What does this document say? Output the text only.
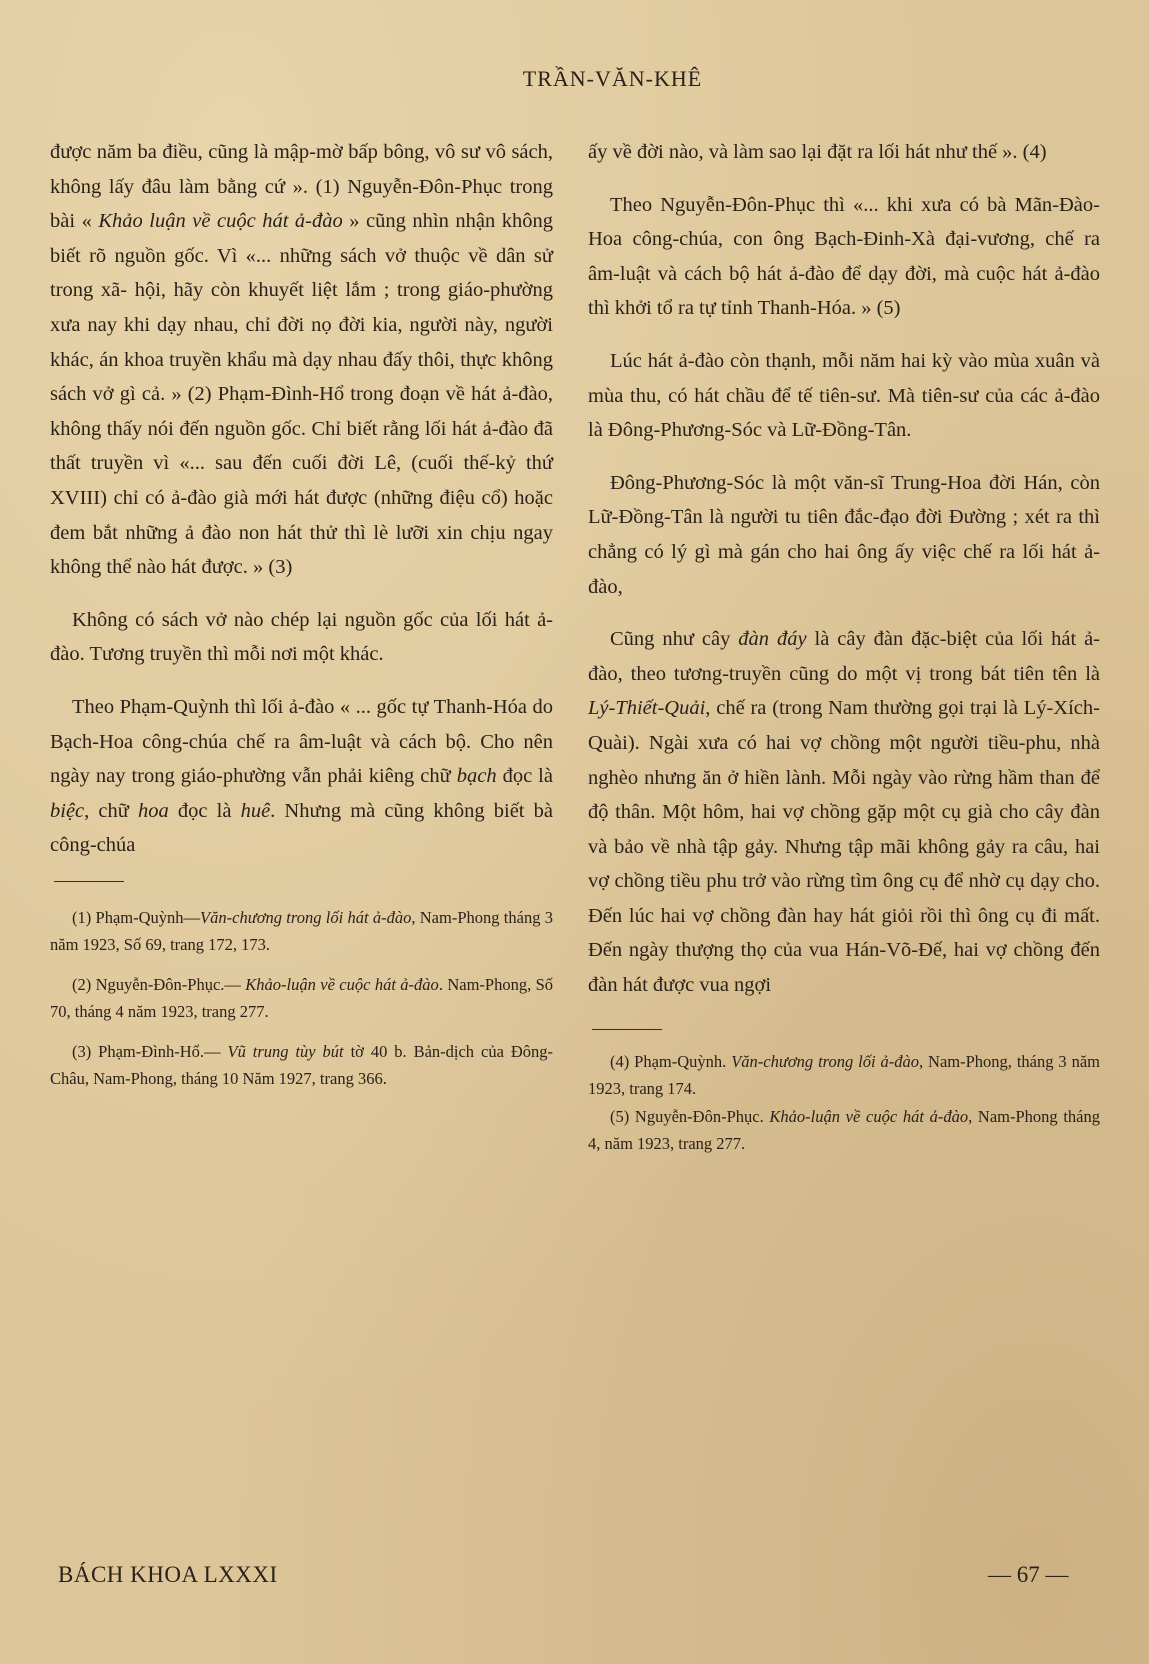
TRẦN-VĂN-KHÊ

được năm ba điều, cũng là mập-mờ bấp bông, vô sư vô sách, không lấy đâu làm bằng cứ ». (1) Nguyễn-Đôn-Phục trong bài « Khảo luận về cuộc hát ả-đào » cũng nhìn nhận không biết rõ nguồn gốc. Vì «... những sách vở thuộc về dân sử trong xã- hội, hãy còn khuyết liệt lắm ; trong giáo-phường xưa nay khi dạy nhau, chỉ đời nọ đời kia, người này, người khác, án khoa truyền khẩu mà dạy nhau đấy thôi, thực không sách vở gì cả. » (2) Phạm-Đình-Hổ trong đoạn về hát ả-đào, không thấy nói đến nguồn gốc. Chỉ biết rằng lối hát ả-đào đã thất truyền vì «... sau đến cuối đời Lê, (cuối thế-kỷ thứ XVIII) chỉ có ả-đào già mới hát được (những điệu cổ) hoặc đem bắt những ả đào non hát thử thì lè lưỡi xin chịu ngay không thể nào hát được. » (3)

Không có sách vở nào chép lại nguồn gốc của lối hát ả-đào. Tương truyền thì mỗi nơi một khác.

Theo Phạm-Quỳnh thì lối ả-đào « ... gốc tự Thanh-Hóa do Bạch-Hoa công-chúa chế ra âm-luật và cách bộ. Cho nên ngày nay trong giáo-phường vẫn phải kiêng chữ bạch đọc là biệc, chữ hoa đọc là huê. Nhưng mà cũng không biết bà công-chúa

(1) Phạm-Quỳnh—Văn-chương trong lối hát ả-đào, Nam-Phong tháng 3 năm 1923, Số 69, trang 172, 173.

(2) Nguyễn-Đôn-Phục.— Khảo-luận về cuộc hát ả-đào. Nam-Phong, Số 70, tháng 4 năm 1923, trang 277.

(3) Phạm-Đình-Hổ.— Vũ trung tùy bút tờ 40 b. Bản-dịch của Đông-Châu, Nam-Phong, tháng 10 Năm 1927, trang 366.

ấy về đời nào, và làm sao lại đặt ra lối hát như thế ». (4)

Theo Nguyễn-Đôn-Phục thì «... khi xưa có bà Mãn-Đào-Hoa công-chúa, con ông Bạch-Đinh-Xà đại-vương, chế ra âm-luật và cách bộ hát ả-đào để dạy đời, mà cuộc hát ả-đào thì khởi tổ ra tự tỉnh Thanh-Hóa. » (5)

Lúc hát ả-đào còn thạnh, mỗi năm hai kỳ vào mùa xuân và mùa thu, có hát chầu để tế tiên-sư. Mà tiên-sư của các ả-đào là Đông-Phương-Sóc và Lữ-Đồng-Tân.

Đông-Phương-Sóc là một văn-sĩ Trung-Hoa đời Hán, còn Lữ-Đồng-Tân là người tu tiên đắc-đạo đời Đường ; xét ra thì chẳng có lý gì mà gán cho hai ông ấy việc chế ra lối hát ả-đào,

Cũng như cây đàn đáy là cây đàn đặc-biệt của lối hát ả-đào, theo tương-truyền cũng do một vị trong bát tiên tên là Lý-Thiết-Quải, chế ra (trong Nam thường gọi trại là Lý-Xích-Quài). Ngài xưa có hai vợ chồng một người tiều-phu, nhà nghèo nhưng ăn ở hiền lành. Mỗi ngày vào rừng hầm than để độ thân. Một hôm, hai vợ chồng gặp một cụ già cho cây đàn và bảo về nhà tập gảy. Nhưng tập mãi không gảy ra câu, hai vợ chồng tiều phu trở vào rừng tìm ông cụ để nhờ cụ dạy cho. Đến lúc hai vợ chồng đàn hay hát giỏi rồi thì ông cụ đi mất. Đến ngày thượng thọ của vua Hán-Võ-Đế, hai vợ chồng đến đàn hát được vua ngợi

(4) Phạm-Quỳnh. Văn-chương trong lối ả-đào, Nam-Phong, tháng 3 năm 1923, trang 174.

(5) Nguyễn-Đôn-Phục. Khảo-luận về cuộc hát ả-đào, Nam-Phong tháng 4, năm 1923, trang 277.

BÁCH KHOA LXXXI	— 67 —
